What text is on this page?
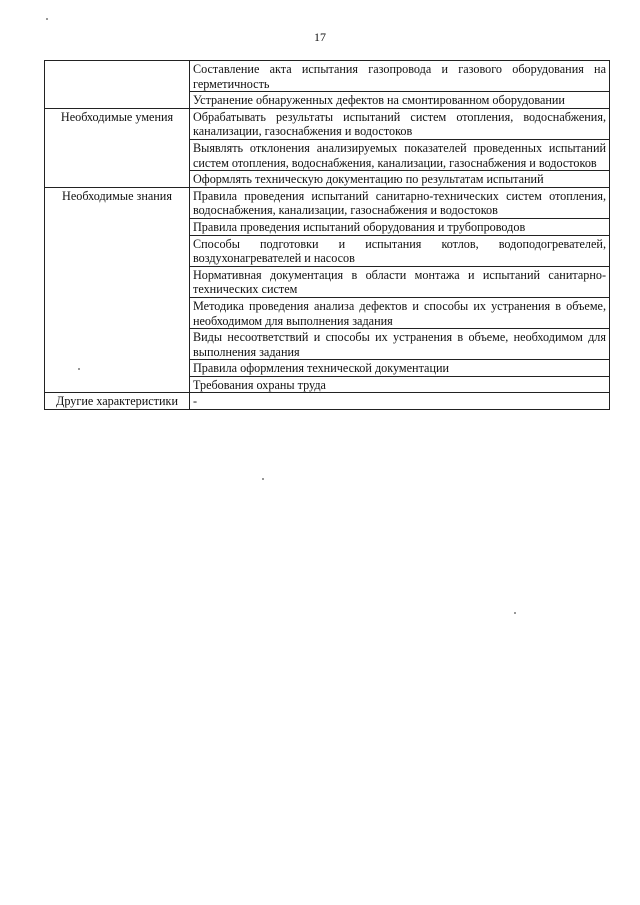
17
	Составление акта испытания газопровода и газового оборудования на герметичность
	Устранение обнаруженных дефектов на смонтированном оборудовании
Необходимые умения	Обрабатывать результаты испытаний систем отопления, водоснабжения, канализации, газоснабжения и водостоков
	Выявлять отклонения анализируемых показателей проведенных испытаний систем отопления, водоснабжения, канализации, газоснабжения и водостоков
	Оформлять техническую документацию по результатам испытаний
Необходимые знания	Правила проведения испытаний санитарно-технических систем отопления, водоснабжения, канализации, газоснабжения и водостоков
	Правила проведения испытаний оборудования и трубопроводов
	Способы подготовки и испытания котлов, водоподогревателей, воздухонагревателей и насосов
	Нормативная документация в области монтажа и испытаний санитарно-технических систем
	Методика проведения анализа дефектов и способы их устранения в объеме, необходимом для выполнения задания
	Виды несоответствий и способы их устранения в объеме, необходимом для выполнения задания
	Правила оформления технической документации
	Требования охраны труда
Другие характеристики	-
